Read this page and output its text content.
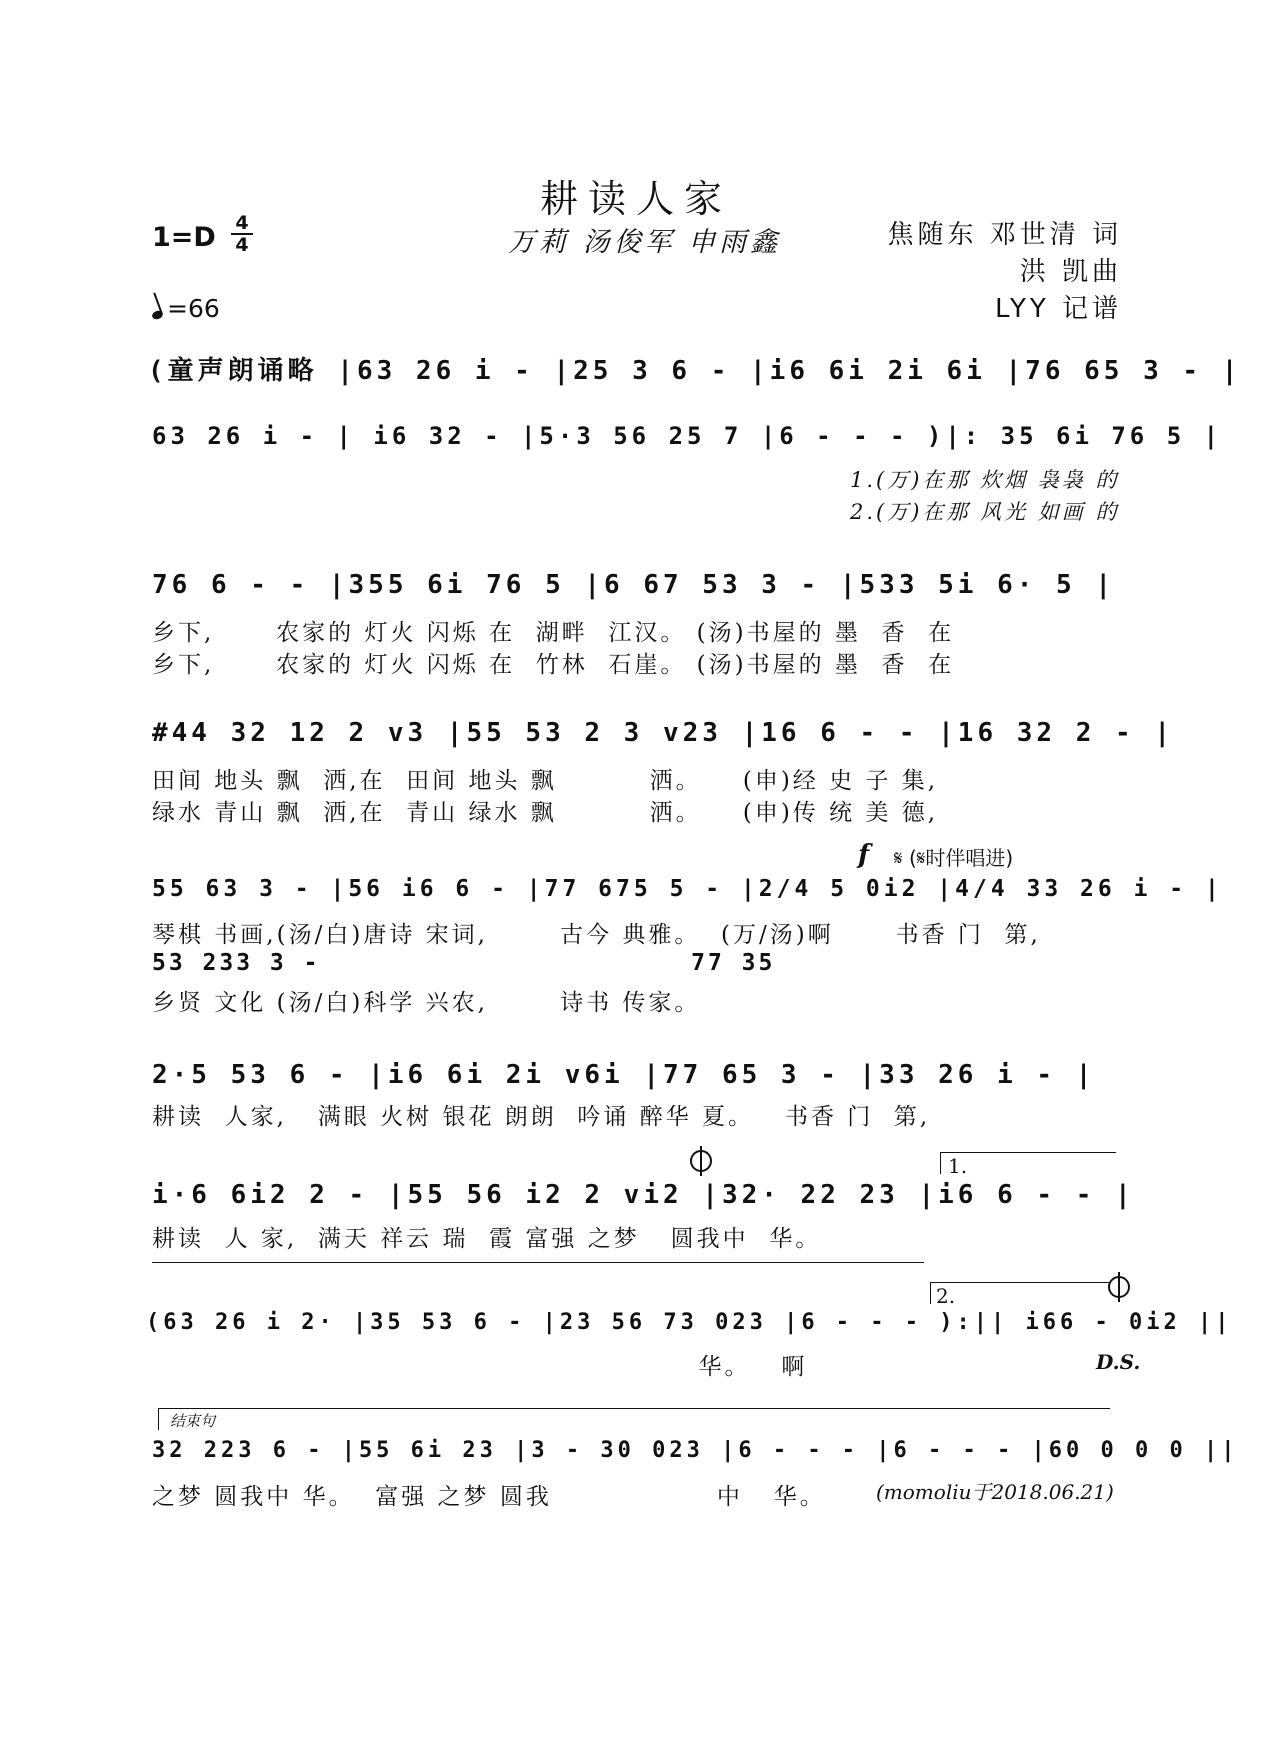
耕读人家
1=D 4
4	万莉 汤俊军 申雨鑫	焦随东 邓世清 词
洪 凯曲
LYY 记谱
=66
(童声朗诵略 |63 26 i - |25 3 6 - |i6 6i 2i 6i |76 65 3 - |
63 26 i - | i6 32 - |5·3 56 25 7 |6 - - - )|: 35 6i 76 5 |
1.(万)在那 炊烟 袅袅 的
2.(万)在那 风光 如画 的
76 6 - - |355 6i 76 5 |6 67 53 3 - |533 5i 6· 5 |
乡下,      农家的 灯火 闪烁 在  湖畔  江汉。 (汤)书屋的 墨  香  在
乡下,      农家的 灯火 闪烁 在  竹林  石崖。 (汤)书屋的 墨  香  在
#44 32 12 2 v3 |55 53 2 3 v23 |16 6 - - |16 32 2 - |
田间 地头 飘  洒,在  田间 地头 飘         洒。    (申)经 史 子 集,
绿水 青山 飘  洒,在  青山 绿水 飘         洒。    (申)传 统 美 德,
f 𝄋 (𝄋时伴唱进)
55 63 3 - |56 i6 6 - |77 675 5 - |2/4 5 0i2 |4/4 33 26 i - |
琴棋 书画,(汤/白)唐诗 宋词,       古今 典雅。  (万/汤)啊      书香 门  第,
53 233 3 -                      77 35
乡贤 文化 (汤/白)科学 兴农,       诗书 传家。
2·5 53 6 - |i6 6i 2i v6i |77 65 3 - |33 26 i - |
耕读  人家,   满眼 火树 银花 朗朗  吟诵 醉华 夏。   书香 门  第,
1.
i·6 6i2 2 - |55 56 i2 2 vi2 |32· 22 23 |i6 6 - - |
耕读  人 家,  满天 祥云 瑞  霞 富强 之梦   圆我中  华。
2.
(63 26 i 2· |35 53 6 - |23 56 73 023 |6 - - - ):|| i66 - 0i2 ||
华。   啊	D.S.
结束句
32 223 6 - |55 6i 23 |3 - 30 023 |6 - - - |6 - - - |60 0 0 0 ||
之梦 圆我中 华。  富强 之梦 圆我                中   华。	(momoliu于2018.06.21)
